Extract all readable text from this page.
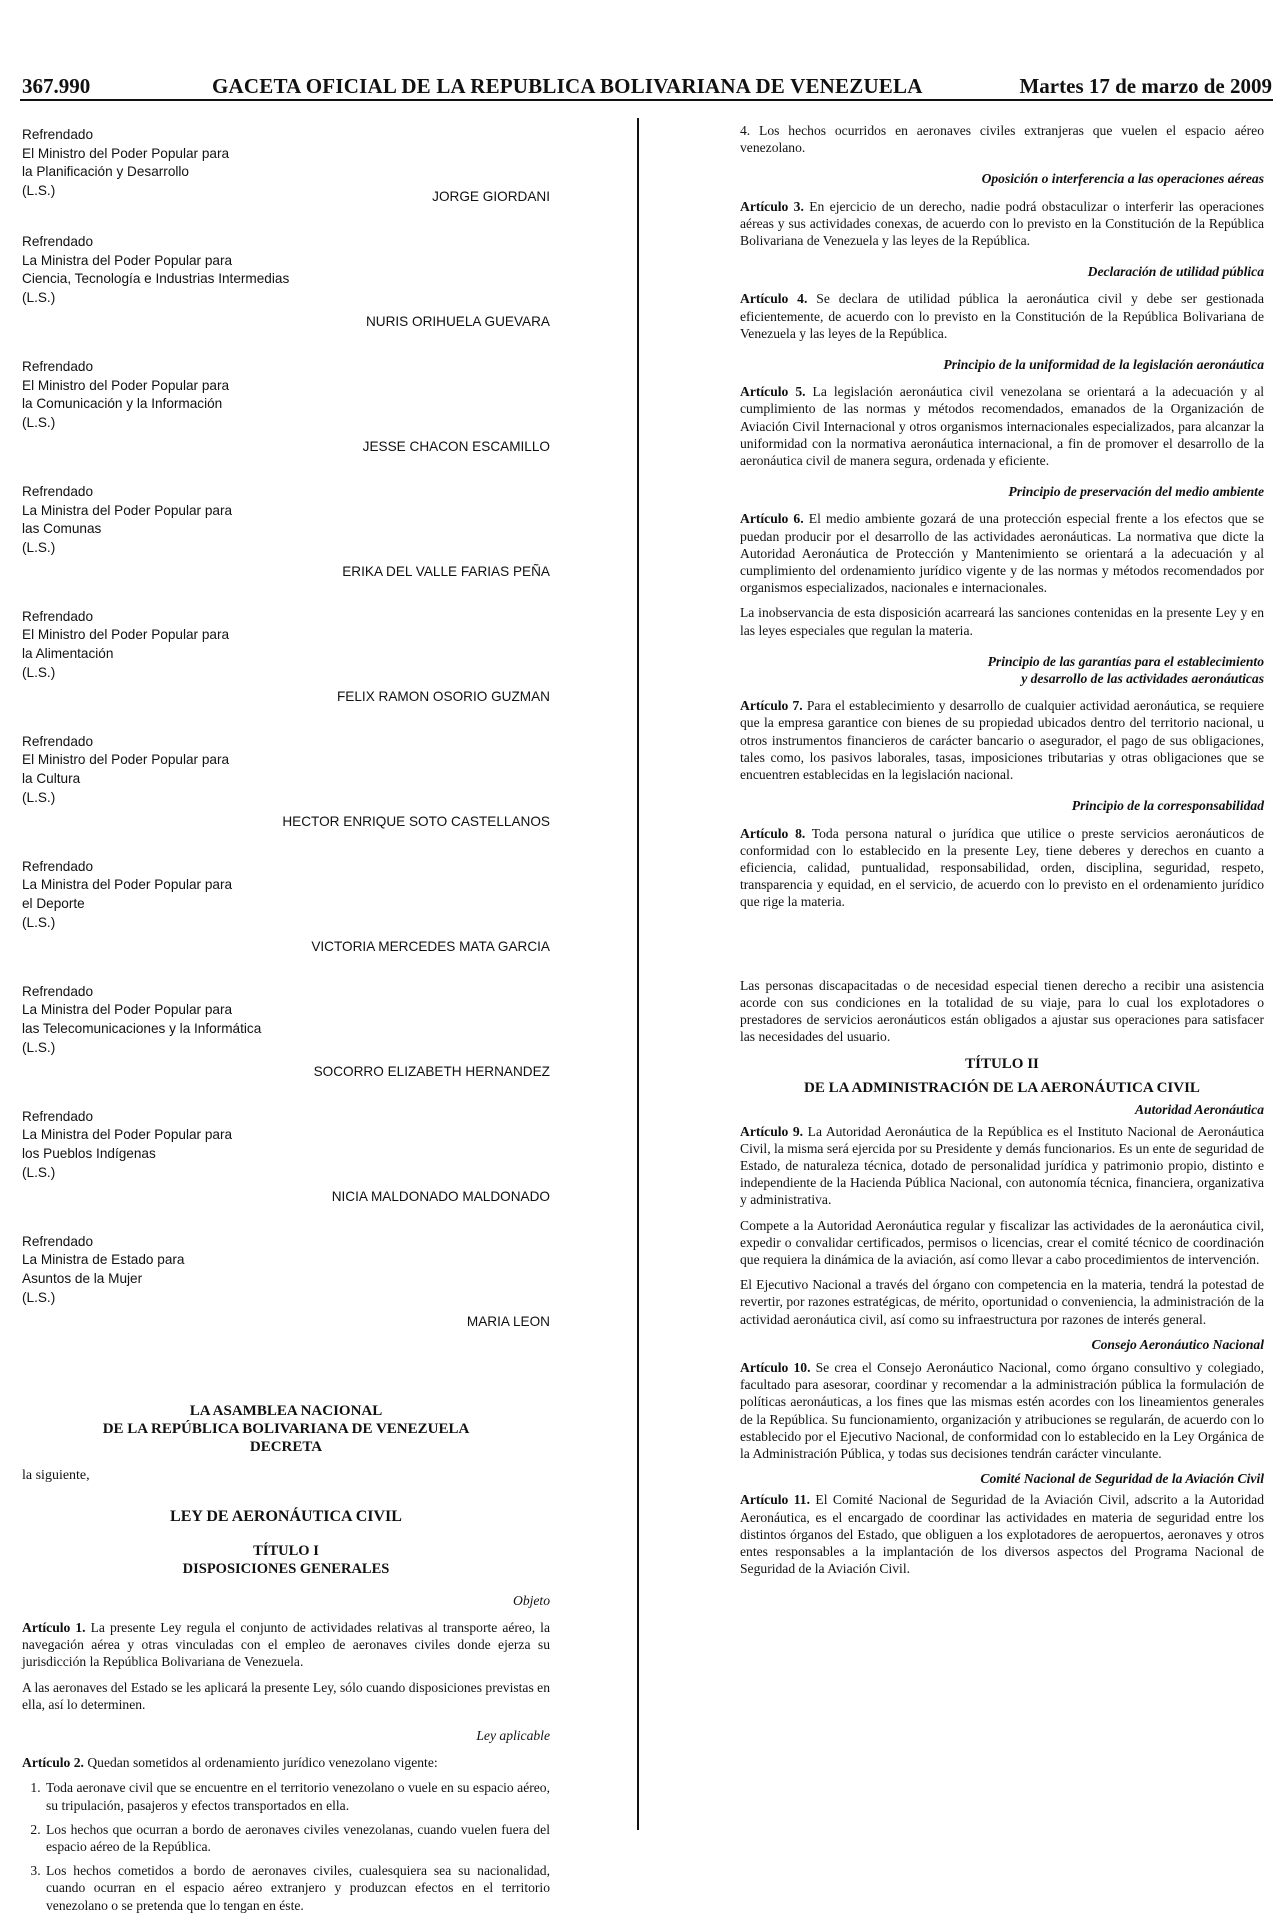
367.990	GACETA OFICIAL DE LA REPUBLICA BOLIVARIANA DE VENEZUELA	Martes 17 de marzo de 2009
Refrendado
El Ministro del Poder Popular para
la Planificación y Desarrollo
(L.S.)	JORGE GIORDANI
Refrendado
La Ministra del Poder Popular para
Ciencia, Tecnología e Industrias Intermedias
(L.S.)
NURIS ORIHUELA GUEVARA
Refrendado
El Ministro del Poder Popular para
la Comunicación y la Información
(L.S.)
JESSE CHACON ESCAMILLO
Refrendado
La Ministra del Poder Popular para
las Comunas
(L.S.)
ERIKA DEL VALLE FARIAS PEÑA
Refrendado
El Ministro del Poder Popular para
la Alimentación
(L.S.)
FELIX RAMON OSORIO GUZMAN
Refrendado
El Ministro del Poder Popular para
la Cultura
(L.S.)
HECTOR ENRIQUE SOTO CASTELLANOS
Refrendado
La Ministra del Poder Popular para
el Deporte
(L.S.)
VICTORIA MERCEDES MATA GARCIA
Refrendado
La Ministra del Poder Popular para
las Telecomunicaciones y la Informática
(L.S.)
SOCORRO ELIZABETH HERNANDEZ
Refrendado
La Ministra del Poder Popular para
los Pueblos Indígenas
(L.S.)
NICIA MALDONADO MALDONADO
Refrendado
La Ministra de Estado para
Asuntos de la Mujer
(L.S.)
MARIA LEON
LA ASAMBLEA NACIONAL
DE LA REPÚBLICA BOLIVARIANA DE VENEZUELA
DECRETA
la siguiente,
LEY DE AERONÁUTICA CIVIL
TÍTULO I
DISPOSICIONES GENERALES
Objeto

Artículo 1. La presente Ley regula el conjunto de actividades relativas al transporte aéreo, la navegación aérea y otras vinculadas con el empleo de aeronaves civiles donde ejerza su jurisdicción la República Bolivariana de Venezuela.

A las aeronaves del Estado se les aplicará la presente Ley, sólo cuando disposiciones previstas en ella, así lo determinen.

Ley aplicable

Artículo 2. Quedan sometidos al ordenamiento jurídico venezolano vigente:

1. Toda aeronave civil que se encuentre en el territorio venezolano o vuele en su espacio aéreo, su tripulación, pasajeros y efectos transportados en ella.
2. Los hechos que ocurran a bordo de aeronaves civiles venezolanas, cuando vuelen fuera del espacio aéreo de la República.
3. Los hechos cometidos a bordo de aeronaves civiles, cualesquiera sea su nacionalidad, cuando ocurran en el espacio aéreo extranjero y produzcan efectos en el territorio venezolano o se pretenda que lo tengan en éste.

4. Los hechos ocurridos en aeronaves civiles extranjeras que vuelen el espacio aéreo venezolano.

Oposición o interferencia a las operaciones aéreas

Artículo 3. En ejercicio de un derecho, nadie podrá obstaculizar o interferir las operaciones aéreas y sus actividades conexas, de acuerdo con lo previsto en la Constitución de la República Bolivariana de Venezuela y las leyes de la República.

Declaración de utilidad pública

Artículo 4. Se declara de utilidad pública la aeronáutica civil y debe ser gestionada eficientemente, de acuerdo con lo previsto en la Constitución de la República Bolivariana de Venezuela y las leyes de la República.

Principio de la uniformidad de la legislación aeronáutica

Artículo 5. La legislación aeronáutica civil venezolana se orientará a la adecuación y al cumplimiento de las normas y métodos recomendados, emanados de la Organización de Aviación Civil Internacional y otros organismos internacionales especializados, para alcanzar la uniformidad con la normativa aeronáutica internacional, a fin de promover el desarrollo de la aeronáutica civil de manera segura, ordenada y eficiente.

Principio de preservación del medio ambiente

Artículo 6. El medio ambiente gozará de una protección especial frente a los efectos que se puedan producir por el desarrollo de las actividades aeronáuticas. La normativa que dicte la Autoridad Aeronáutica de Protección y Mantenimiento se orientará a la adecuación y al cumplimiento del ordenamiento jurídico vigente y de las normas y métodos recomendados por organismos especializados, nacionales e internacionales.

La inobservancia de esta disposición acarreará las sanciones contenidas en la presente Ley y en las leyes especiales que regulan la materia.

Principio de las garantías para el establecimiento
y desarrollo de las actividades aeronáuticas

Artículo 7. Para el establecimiento y desarrollo de cualquier actividad aeronáutica, se requiere que la empresa garantice con bienes de su propiedad ubicados dentro del territorio nacional, u otros instrumentos financieros de carácter bancario o asegurador, el pago de sus obligaciones, tales como, los pasivos laborales, tasas, imposiciones tributarias y otras obligaciones que se encuentren establecidas en la legislación nacional.

Principio de la corresponsabilidad

Artículo 8. Toda persona natural o jurídica que utilice o preste servicios aeronáuticos de conformidad con lo establecido en la presente Ley, tiene deberes y derechos en cuanto a eficiencia, calidad, puntualidad, responsabilidad, orden, disciplina, seguridad, respeto, transparencia y equidad, en el servicio, de acuerdo con lo previsto en el ordenamiento jurídico que rige la materia.

Las personas discapacitadas o de necesidad especial tienen derecho a recibir una asistencia acorde con sus condiciones en la totalidad de su viaje, para lo cual los explotadores o prestadores de servicios aeronáuticos están obligados a ajustar sus operaciones para satisfacer las necesidades del usuario.

TÍTULO II
DE LA ADMINISTRACIÓN DE LA AERONÁUTICA CIVIL
Autoridad Aeronáutica

Artículo 9. La Autoridad Aeronáutica de la República es el Instituto Nacional de Aeronáutica Civil, la misma será ejercida por su Presidente y demás funcionarios. Es un ente de seguridad de Estado, de naturaleza técnica, dotado de personalidad jurídica y patrimonio propio, distinto e independiente de la Hacienda Pública Nacional, con autonomía técnica, financiera, organizativa y administrativa.

Compete a la Autoridad Aeronáutica regular y fiscalizar las actividades de la aeronáutica civil, expedir o convalidar certificados, permisos o licencias, crear el comité técnico de coordinación que requiera la dinámica de la aviación, así como llevar a cabo procedimientos de intervención.

El Ejecutivo Nacional a través del órgano con competencia en la materia, tendrá la potestad de revertir, por razones estratégicas, de mérito, oportunidad o conveniencia, la administración de la actividad aeronáutica civil, así como su infraestructura por razones de interés general.

Consejo Aeronáutico Nacional

Artículo 10. Se crea el Consejo Aeronáutico Nacional, como órgano consultivo y colegiado, facultado para asesorar, coordinar y recomendar a la administración pública la formulación de políticas aeronáuticas, a los fines que las mismas estén acordes con los lineamientos generales de la República. Su funcionamiento, organización y atribuciones se regularán, de acuerdo con lo establecido por el Ejecutivo Nacional, de conformidad con lo establecido en la Ley Orgánica de la Administración Pública, y todas sus decisiones tendrán carácter vinculante.

Comité Nacional de Seguridad de la Aviación Civil

Artículo 11. El Comité Nacional de Seguridad de la Aviación Civil, adscrito a la Autoridad Aeronáutica, es el encargado de coordinar las actividades en materia de seguridad entre los distintos órganos del Estado, que obliguen a los explotadores de aeropuertos, aeronaves y otros entes responsables a la implantación de los diversos aspectos del Programa Nacional de Seguridad de la Aviación Civil.
